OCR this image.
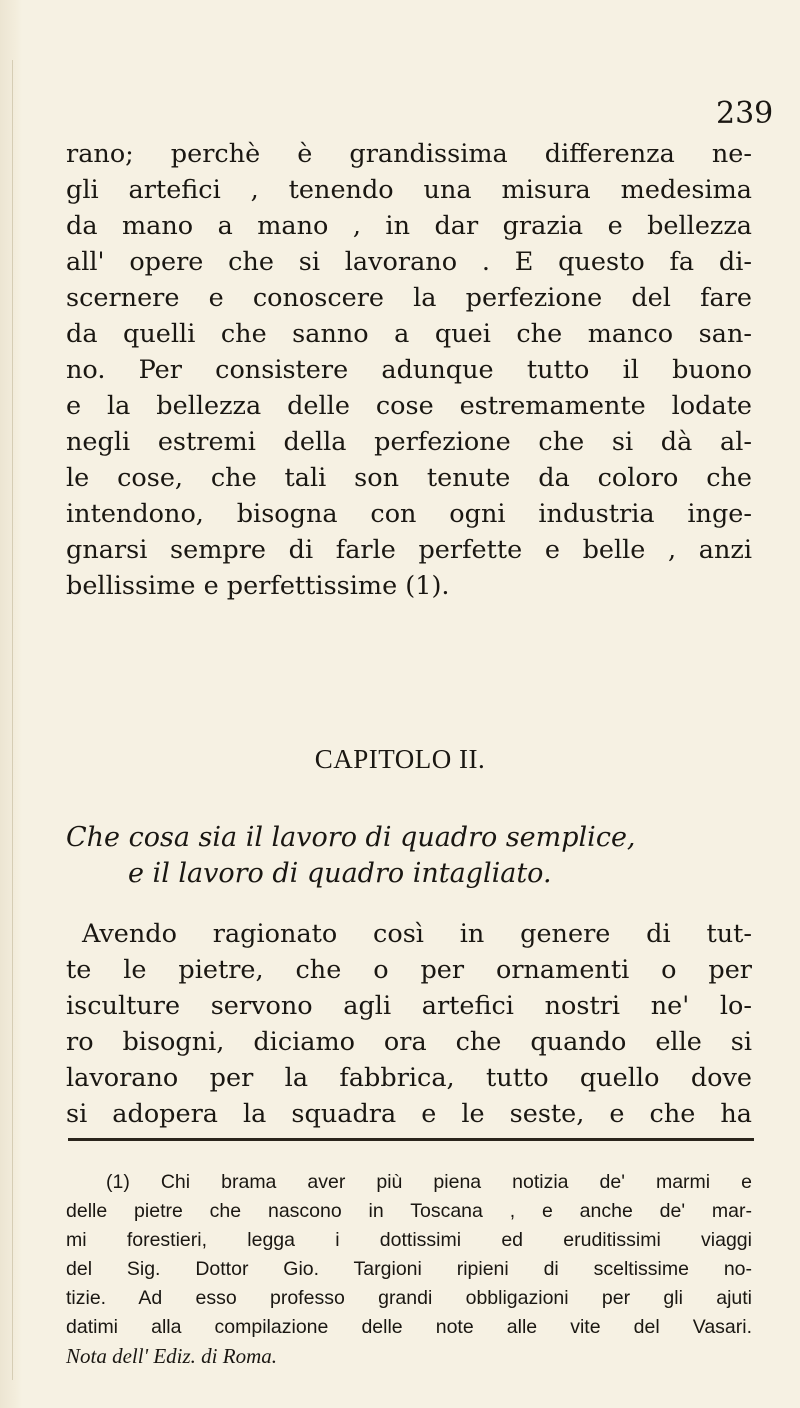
239
rano; perchè è grandissima differenza ne-
gli artefici , tenendo una misura medesima
da mano a mano , in dar grazia e bellezza
all' opere che si lavorano . E questo fa di-
scernere e conoscere la perfezione del fare
da quelli che sanno a quei che manco san-
no. Per consistere adunque tutto il buono
e la bellezza delle cose estremamente lodate
negli estremi della perfezione che si dà al-
le cose, che tali son tenute da coloro che
intendono, bisogna con ogni industria inge-
gnarsi sempre di farle perfette e belle , anzi
bellissime e perfettissime (1).
CAPITOLO II.
Che cosa sia il lavoro di quadro semplice,
e il lavoro di quadro intagliato.
Avendo ragionato così in genere di tut-
te le pietre, che o per ornamenti o per
isculture servono agli artefici nostri ne' lo-
ro bisogni, diciamo ora che quando elle si
lavorano per la fabbrica, tutto quello dove
si adopera la squadra e le seste, e che ha
(1) Chi brama aver più piena notizia de' marmi e
delle pietre che nascono in Toscana , e anche de' mar-
mi forestieri, legga i dottissimi ed eruditissimi viaggi
del Sig. Dottor Gio. Targioni ripieni di sceltissime no-
tizie. Ad esso professo grandi obbligazioni per gli ajuti
datimi alla compilazione delle note alle vite del Vasari.
Nota dell' Ediz. di Roma.
